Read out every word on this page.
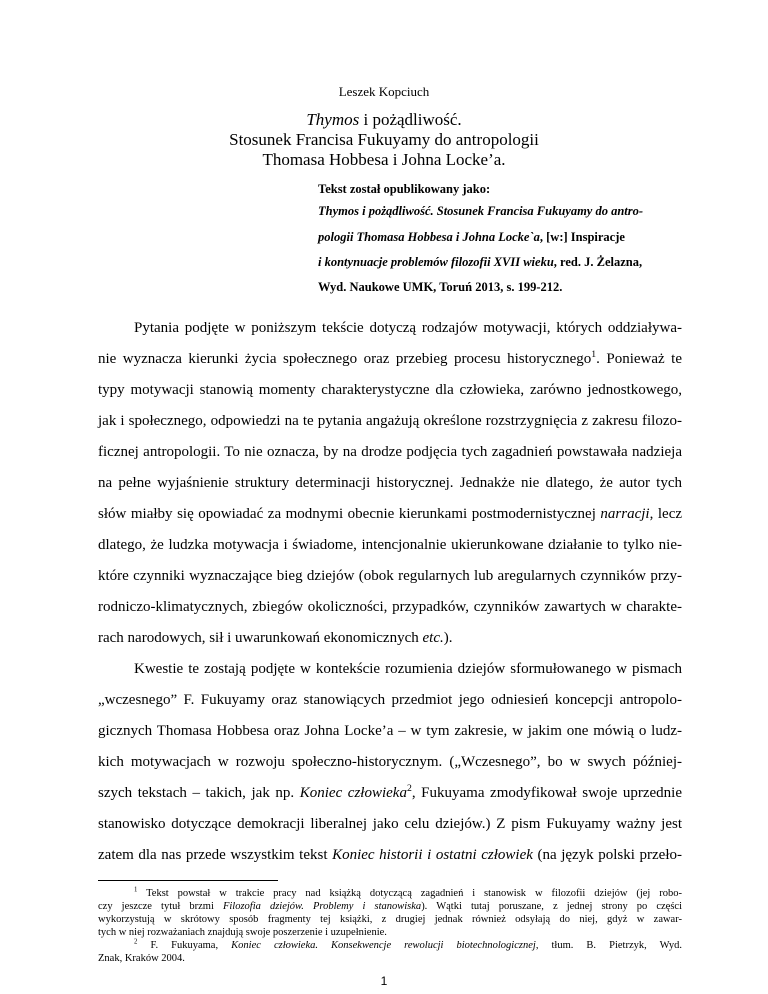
Leszek Kopciuch
Thymos i pożądliwość.
Stosunek Francisa Fukuyamy do antropologii
Thomasa Hobbesa i Johna Locke’a.
Tekst został opublikowany jako:
Thymos i pożądliwość. Stosunek Francisa Fukuyamy do antro-
pologii Thomasa Hobbesa i Johna Locke`a, [w:] Inspiracje
i kontynuacje problemów filozofii XVII wieku, red. J. Żelazna,
Wyd. Naukowe UMK, Toruń 2013, s. 199-212.
Pytania podjęte w poniższym tekście dotyczą rodzajów motywacji, których oddziaływa-
nie wyznacza kierunki życia społecznego oraz przebieg procesu historycznego$^1$. Ponieważ te
typy motywacji stanowią momenty charakterystyczne dla człowieka, zarówno jednostkowego,
jak i społecznego, odpowiedzi na te pytania angażują określone rozstrzygnięcia z zakresu filozo-
ficznej antropologii. To nie oznacza, by na drodze podjęcia tych zagadnień powstawała nadzieja
na pełne wyjaśnienie struktury determinacji historycznej. Jednakże nie dlatego, że autor tych
słów miałby się opowiadać za modnymi obecnie kierunkami postmodernistycznej narracji, lecz
dlatego, że ludzka motywacja i świadome, intencjonalnie ukierunkowane działanie to tylko nie-
które czynniki wyznaczające bieg dziejów (obok regularnych lub aregularnych czynników przy-
rodniczo-klimatycznych, zbiegów okoliczności, przypadków, czynników zawartych w charakte-
rach narodowych, sił i uwarunkowań ekonomicznych etc.).
Kwestie te zostają podjęte w kontekście rozumienia dziejów sformułowanego w pismach
„wczesnego” F. Fukuyamy oraz stanowiących przedmiot jego odniesień koncepcji antropolo-
gicznych Thomasa Hobbesa oraz Johna Locke’a – w tym zakresie, w jakim one mówią o ludz-
kich motywacjach w rozwoju społeczno-historycznym. („Wczesnego”, bo w swych później-
szych tekstach – takich, jak np. Koniec człowieka$^2$, Fukuyama zmodyfikował swoje uprzednie
stanowisko dotyczące demokracji liberalnej jako celu dziejów.) Z pism Fukuyamy ważny jest
zatem dla nas przede wszystkim tekst Koniec historii i ostatni człowiek (na język polski przeło-
$^1$ Tekst powstał w trakcie pracy nad książką dotyczącą zagadnień i stanowisk w filozofii dziejów (jej robo-
czy jeszcze tytuł brzmi Filozofia dziejów. Problemy i stanowiska). Wątki tutaj poruszane, z jednej strony po części
wykorzystują w skrótowy sposób fragmenty tej książki, z drugiej jednak również odsyłają do niej, gdyż w zawar-
tych w niej rozważaniach znajdują swoje poszerzenie i uzupełnienie.
$^2$ F. Fukuyama, Koniec człowieka. Konsekwencje rewolucji biotechnologicznej, tłum. B. Pietrzyk, Wyd.
Znak, Kraków 2004.
1
